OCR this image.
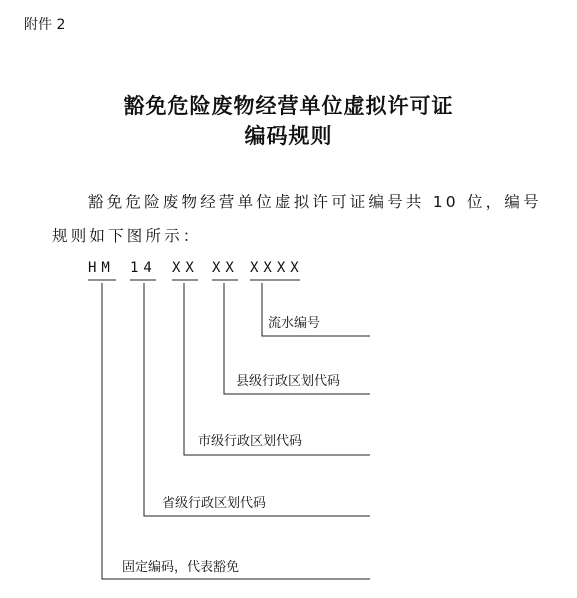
附件 2
豁免危险废物经营单位虚拟许可证
编码规则
豁免危险废物经营单位虚拟许可证编号共 10 位，编号
规则如下图所示：
HM 14 XX XX XXXX
流水编号
县级行政区划代码
市级行政区划代码
省级行政区划代码
固定编码，代表豁免
